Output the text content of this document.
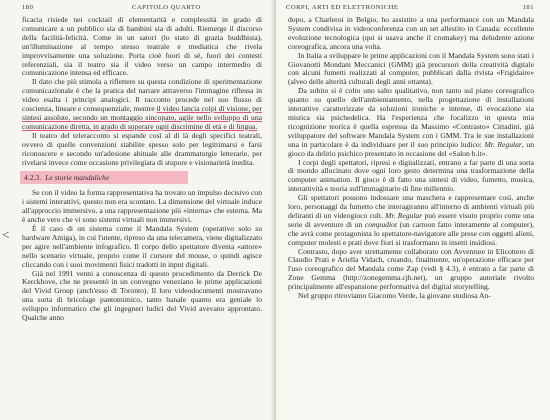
180	CAPITOLO QUARTO

ficacia risiede nei cocktail di elementarità e complessità in grado di comunicare a un pubblico sia di bambini sia di adulti. Riemerge il discorso della facilità-felicità. Come in un satori (lo stato di grazia buddhista), un'illuminazione al tempo stesso teatrale e mediatica che rivela improvvisamente una soluzione. Porta cioè fuori di sé, fuori dei contesti referenziali, sia il teatro sia il video verso un campo intermedio di comunicazione intensa ed efficace.

Il dato che più stimola a riflettere su questa condizione di sperimentazione comunicazionale è che la pratica del narrare attraverso l'immagine riflessa in video esalta i principi analogici. Il racconto procede nel suo flusso di coscienza, lineare e consequenziale, mentre il video lancia colpi di visione, per sintesi assolute, secondo un montaggio sincopato, agile nello sviluppo di una comunicazione diretta, in grado di superare ogni discrimine di età e di lingua.

Il teatro del teleracconto si espande così al di là degli specifici teatrali, ovvero di quelle convenzioni stabilite spesso solo per legittimarsi e farsi riconoscere e secondo un'adesione abituale alle drammaturgie letterarie, per rivelarsi invece come occasione privilegiata di stupore e visionarietà inedita.

4.2.3. Le storie mandaliche

Se con il video la forma rappresentativa ha trovato un impulso decisivo con i sistemi interattivi, questo non era scontato. La dimensione del virtuale induce all'approccio immersivo, a una rappresentazione più «interna» che esterna. Ma è anche vero che vi sono sistemi virtuali non immersivi.

È il caso di un sistema come il Mandala System (operativo solo su hardware Amiga), in cui l'utente, ripreso da una telecamera, viene digitalizzato per agire nell'ambiente infografico. Il corpo dello spettatore diventa «attore» nello scenario virtuale, proprio come il cursore del mouse, o quindi agisce cliccando con i suoi movimenti fisici tradotti in input digitali.

Già nel 1991 venni a conoscenza di questo procedimento da Derrick De Kerckhove, che ne presentò in un convegno veneziano le prime applicazioni del Vivid Group (anch'esso di Toronto). Il loro videodocumenti mostravano una sorta di bricolage pantomimico, tanto banale quanto era geniale lo sviluppo informatico che gli ingegneri ludici del Vivid avevano approntato. Qualche anno

<
CORPI, ARTI ED ELETTRONICHE	181

dopo, a Charleroi in Belgio, ho assistito a una performance con un Mandala System condivisa in videoconferenza con un set allestito in Canada: eccellente evoluzione tecnologica (qui si usava anche il cromakey) ma deludente azione coreografica, ancora una volta.

In Italia a sviluppare le prime applicazioni con il Mandala System sono stati i Giovanotti Mondani Meccanici (GMM) già precursori della creatività digitale con alcuni fumetti realizzati al computer, pubblicati dalla rivista «Frigidaire» (alveo delle alterità culturali degli anni ottanta).

Da subito si è colto uno salto qualitativo, non tanto sul piano coreografico quanto su quello dell'ambientamento, nella progettazione di installazioni interattive caratterizzate da soluzioni ironiche e intense, di evocazione sia mistica sia psichedelica. Ha l'esperienza che focalizzo in questa mia ricognizione teorica è quella espressa da Massimo «Contrasto» Cittadini, già sviluppatore del software Mandala System con i GMM. Tra le sue installazioni una in particolare è da individuare per il suo principio ludico: Mr. Regular, un gioco da delirio psichico presentato in occasione del «Salon b.it».

I corpi degli spettatori, ripresi e digitalizzati, entrano a far parte di una sorta di mondo allucinato dove ogni loro gesto determina una trasformazione della computer animation. Il gioco è di fatto una sintesi di video, fumetto, musica, interattività e teoria sull'immaginario di fine millennio.

Gli spettatori possono indossare una maschera e rappresentare così, anche loro, personaggi da fumetto che interagiranno all'interno di ambienti virtuali più deliranti di un videogioco cult. Mr. Regular può essere visuto proprio come una serie di avventure di un compudiot (un cartoon fatto interamente al computer), che avrà come protagonista lo spettatore-navigatore alle prese con oggetti alieni, computer molesti e prati dove fiori si trasformano in insetti insidiosi.

Contrasto, dopo aver strettamente collaborato con Avventure in Elicottero di Claudio Prati e Ariella Vidach, creando, finalmente, un'operazione efficace per l'uso coreografico del Mandala come Zap (vedi § 4.3), è entrato a far parte di Zone Gemma (http://zonegemma.cjb.net), un gruppo autoriale rivolto principalmente all'espansione performativa del digital storytelling.

Nel gruppo ritroviamo Giacomo Verde, la giovane studiosa An-
